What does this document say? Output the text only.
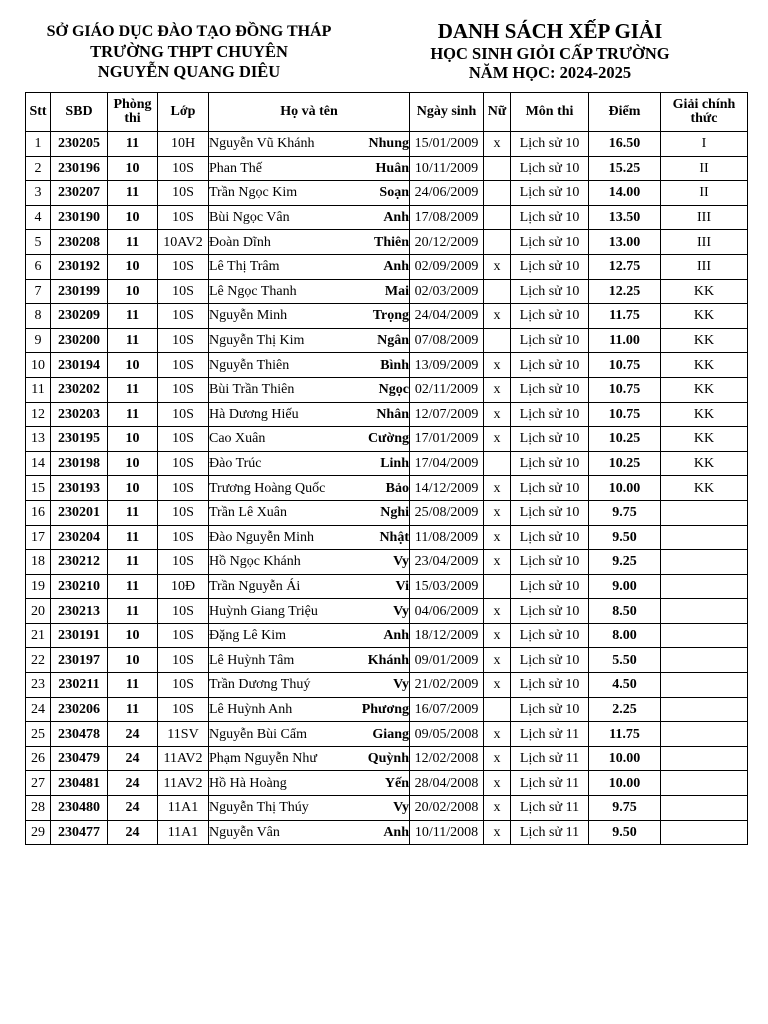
SỞ GIÁO DỤC ĐÀO TẠO ĐỒNG THÁP
TRƯỜNG THPT CHUYÊN
NGUYỄN QUANG DIÊU
DANH SÁCH XẾP GIẢI
HỌC SINH GIỎI CẤP TRƯỜNG
NĂM HỌC: 2024-2025
Stt	SBD	Phòng thi	Lớp	Họ và tên	Ngày sinh	Nữ	Môn thi	Điểm	Giải chính thức
1	230205	11	10H	Nguyễn Vũ Khánh Nhung	15/01/2009	x	Lịch sử 10	16.50	I
2	230196	10	10S	Phan Thế Huân	10/11/2009		Lịch sử 10	15.25	II
3	230207	11	10S	Trần Ngọc Kim Soạn	24/06/2009		Lịch sử 10	14.00	II
4	230190	10	10S	Bùi Ngọc Vân Anh	17/08/2009		Lịch sử 10	13.50	III
5	230208	11	10AV2	Đoàn Dĩnh Thiên	20/12/2009		Lịch sử 10	13.00	III
6	230192	10	10S	Lê Thị Trâm Anh	02/09/2009	x	Lịch sử 10	12.75	III
7	230199	10	10S	Lê Ngọc Thanh Mai	02/03/2009		Lịch sử 10	12.25	KK
8	230209	11	10S	Nguyễn Minh Trọng	24/04/2009	x	Lịch sử 10	11.75	KK
9	230200	11	10S	Nguyễn Thị Kim Ngân	07/08/2009		Lịch sử 10	11.00	KK
10	230194	10	10S	Nguyễn Thiên Bình	13/09/2009	x	Lịch sử 10	10.75	KK
11	230202	11	10S	Bùi Trần Thiên Ngọc	02/11/2009	x	Lịch sử 10	10.75	KK
12	230203	11	10S	Hà Dương Hiếu Nhân	12/07/2009	x	Lịch sử 10	10.75	KK
13	230195	10	10S	Cao Xuân Cường	17/01/2009	x	Lịch sử 10	10.25	KK
14	230198	10	10S	Đào Trúc Linh	17/04/2009		Lịch sử 10	10.25	KK
15	230193	10	10S	Trương Hoàng Quốc Bảo	14/12/2009	x	Lịch sử 10	10.00	KK
16	230201	11	10S	Trần Lê Xuân Nghi	25/08/2009	x	Lịch sử 10	9.75	
17	230204	11	10S	Đào Nguyễn Minh Nhật	11/08/2009	x	Lịch sử 10	9.50	
18	230212	11	10S	Hồ Ngọc Khánh Vy	23/04/2009	x	Lịch sử 10	9.25	
19	230210	11	10Đ	Trần Nguyễn Ái Vi	15/03/2009		Lịch sử 10	9.00	
20	230213	11	10S	Huỳnh Giang Triệu Vy	04/06/2009	x	Lịch sử 10	8.50	
21	230191	10	10S	Đặng Lê Kim Anh	18/12/2009	x	Lịch sử 10	8.00	
22	230197	10	10S	Lê Huỳnh Tâm Khánh	09/01/2009	x	Lịch sử 10	5.50	
23	230211	11	10S	Trần Dương Thuý Vy	21/02/2009	x	Lịch sử 10	4.50	
24	230206	11	10S	Lê Huỳnh Anh Phương	16/07/2009		Lịch sử 10	2.25	
25	230478	24	11SV	Nguyễn Bùi Cẩm Giang	09/05/2008	x	Lịch sử 11	11.75	
26	230479	24	11AV2	Phạm Nguyễn Như Quỳnh	12/02/2008	x	Lịch sử 11	10.00	
27	230481	24	11AV2	Hồ Hà Hoàng Yến	28/04/2008	x	Lịch sử 11	10.00	
28	230480	24	11A1	Nguyễn Thị Thúy Vy	20/02/2008	x	Lịch sử 11	9.75	
29	230477	24	11A1	Nguyễn Vân Anh	10/11/2008	x	Lịch sử 11	9.50	
